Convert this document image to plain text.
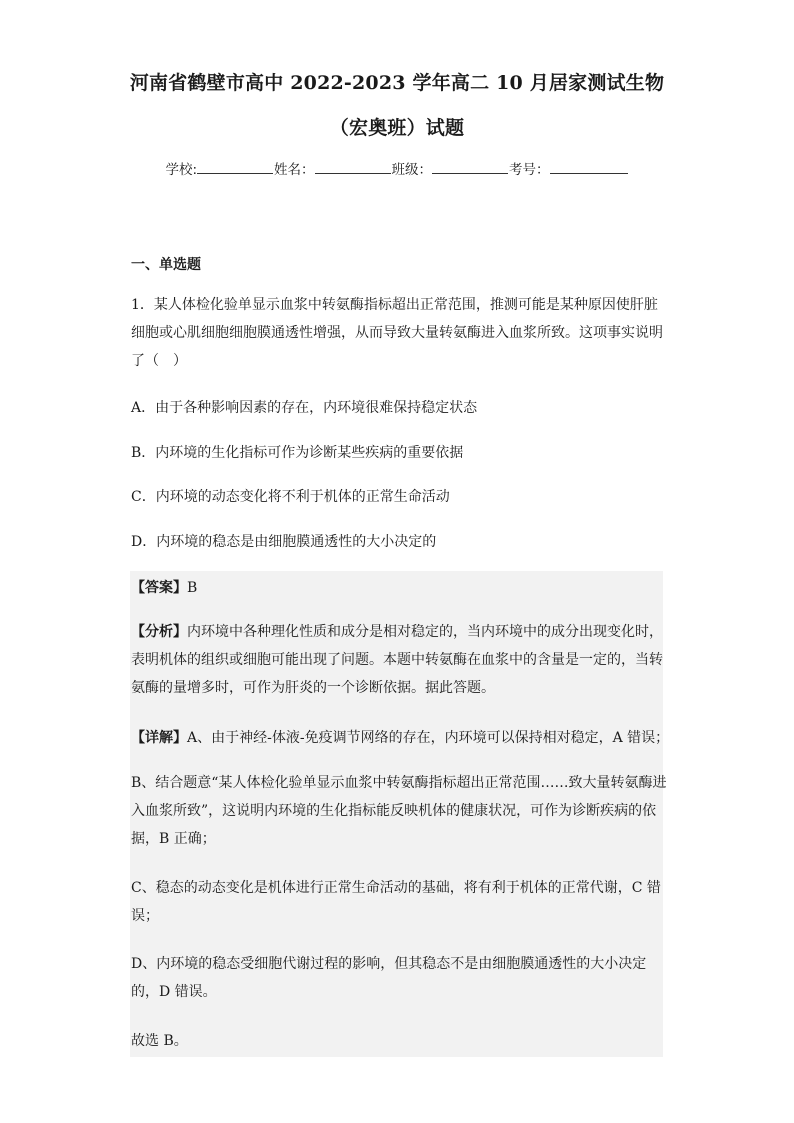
河南省鹤壁市高中 2022-2023 学年高二 10 月居家测试生物
（宏奥班）试题
学校:	姓名：	班级：	考号：
一、单选题
1．某人体检化验单显示血浆中转氨酶指标超出正常范围，推测可能是某种原因使肝脏细胞或心肌细胞细胞膜通透性增强，从而导致大量转氨酶进入血浆所致。这项事实说明了（　）
A．由于各种影响因素的存在，内环境很难保持稳定状态
B．内环境的生化指标可作为诊断某些疾病的重要依据
C．内环境的动态变化将不利于机体的正常生命活动
D．内环境的稳态是由细胞膜通透性的大小决定的
【答案】B
【分析】内环境中各种理化性质和成分是相对稳定的，当内环境中的成分出现变化时，表明机体的组织或细胞可能出现了问题。本题中转氨酶在血浆中的含量是一定的，当转氨酶的量增多时，可作为肝炎的一个诊断依据。据此答题。
【详解】A、由于神经-体液-免疫调节网络的存在，内环境可以保持相对稳定，A 错误；
B、结合题意“某人体检化验单显示血浆中转氨酶指标超出正常范围……致大量转氨酶进入血浆所致”，这说明内环境的生化指标能反映机体的健康状况，可作为诊断疾病的依据，B 正确；
C、稳态的动态变化是机体进行正常生命活动的基础，将有利于机体的正常代谢，C 错误；
D、内环境的稳态受细胞代谢过程的影响，但其稳态不是由细胞膜通透性的大小决定的，D 错误。
故选 B。
